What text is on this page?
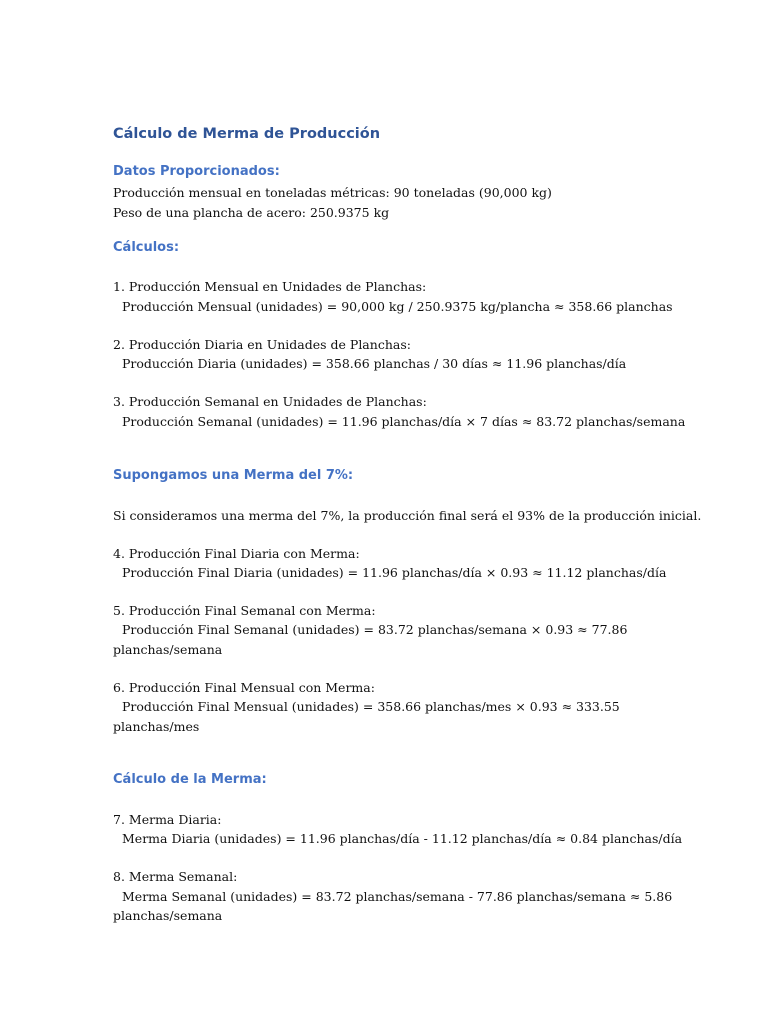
Cálculo de Merma de Producción
Datos Proporcionados:
Producción mensual en toneladas métricas: 90 toneladas (90,000 kg)
Peso de una plancha de acero: 250.9375 kg
Cálculos:
1. Producción Mensual en Unidades de Planchas:
Producción Mensual (unidades) = 90,000 kg / 250.9375 kg/plancha ≈ 358.66 planchas
2. Producción Diaria en Unidades de Planchas:
Producción Diaria (unidades) = 358.66 planchas / 30 días ≈ 11.96 planchas/día
3. Producción Semanal en Unidades de Planchas:
Producción Semanal (unidades) = 11.96 planchas/día × 7 días ≈ 83.72 planchas/semana
Supongamos una Merma del 7%:
Si consideramos una merma del 7%, la producción final será el 93% de la producción inicial.
4. Producción Final Diaria con Merma:
Producción Final Diaria (unidades) = 11.96 planchas/día × 0.93 ≈ 11.12 planchas/día
5. Producción Final Semanal con Merma:
Producción Final Semanal (unidades) = 83.72 planchas/semana × 0.93 ≈ 77.86
planchas/semana
6. Producción Final Mensual con Merma:
Producción Final Mensual (unidades) = 358.66 planchas/mes × 0.93 ≈ 333.55
planchas/mes
Cálculo de la Merma:
7. Merma Diaria:
Merma Diaria (unidades) = 11.96 planchas/día - 11.12 planchas/día ≈ 0.84 planchas/día
8. Merma Semanal:
Merma Semanal (unidades) = 83.72 planchas/semana - 77.86 planchas/semana ≈ 5.86
planchas/semana
